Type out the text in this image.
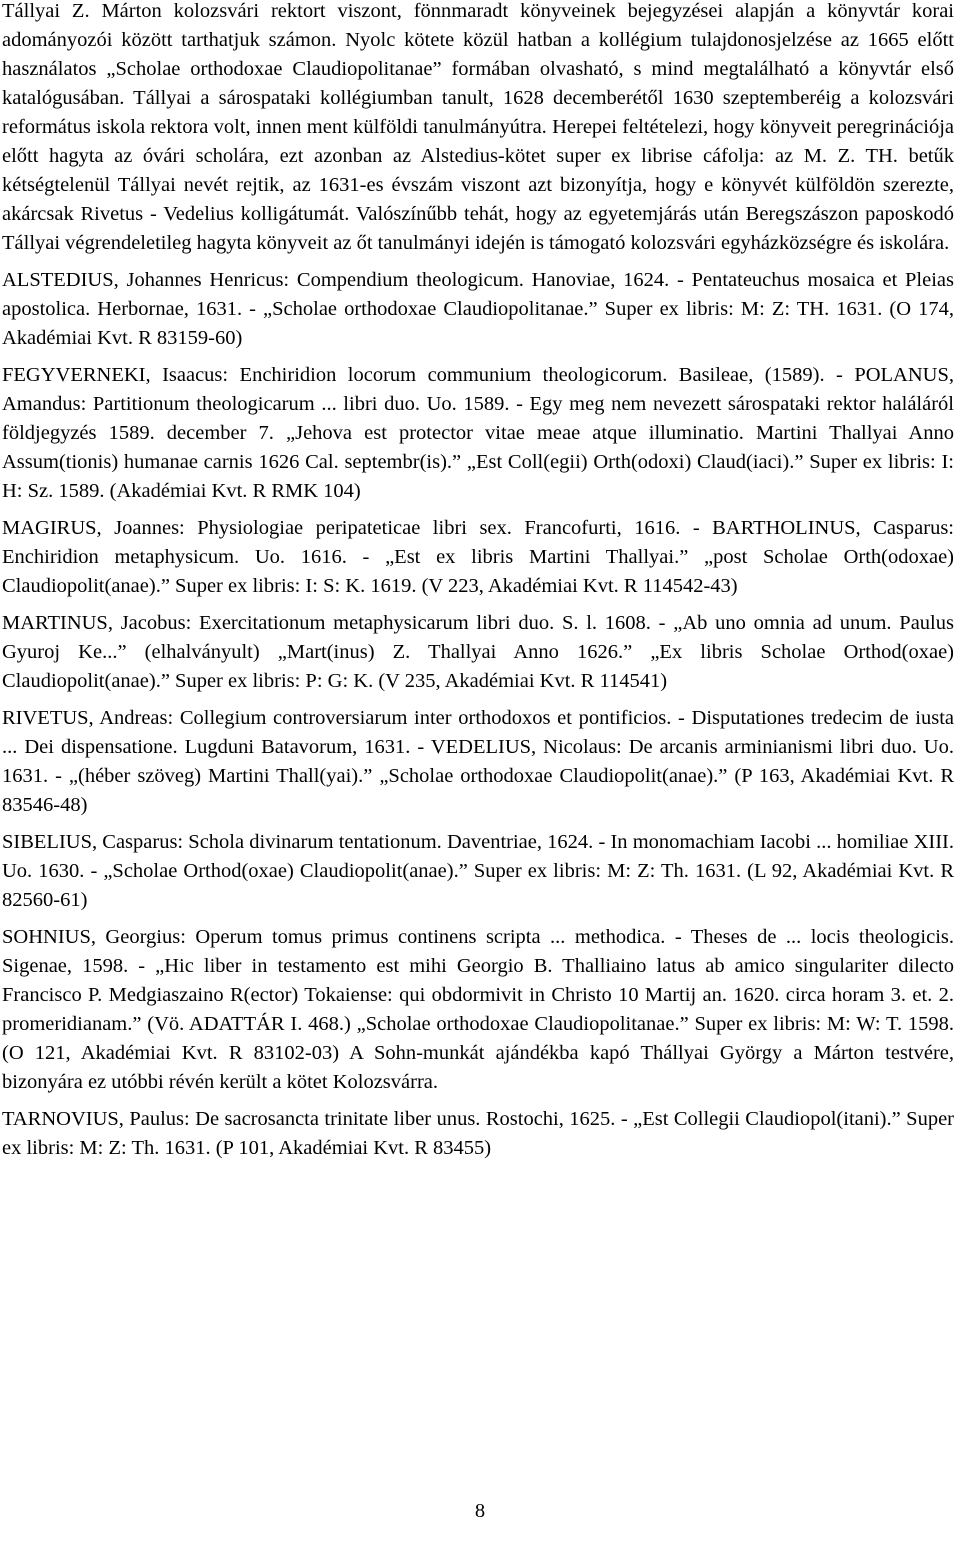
Tállyai Z. Márton kolozsvári rektort viszont, fönnmaradt könyveinek bejegyzései alapján a könyvtár korai adományozói között tarthatjuk számon. Nyolc kötete közül hatban a kollégium tulajdonosjelzése az 1665 előtt használatos „Scholae orthodoxae Claudiopolitanae” formában olvasható, s mind megtalálható a könyvtár első katalógusában. Tállyai a sárospataki kollégiumban tanult, 1628 decemberétől 1630 szeptemberéig a kolozsvári református iskola rektora volt, innen ment külföldi tanulmányútra. Herepei feltételezi, hogy könyveit peregrinációja előtt hagyta az óvári scholára, ezt azonban az Alstedius-kötet super ex librise cáfolja: az M. Z. TH. betűk kétségtelenül Tállyai nevét rejtik, az 1631-es évszám viszont azt bizonyítja, hogy e könyvét külföldön szerezte, akárcsak Rivetus - Vedelius kolligátumát. Valószínűbb tehát, hogy az egyetemjárás után Beregszászon paposkodó Tállyai végrendeletileg hagyta könyveit az őt tanulmányi idején is támogató kolozsvári egyházközségre és iskolára.

ALSTEDIUS, Johannes Henricus: Compendium theologicum. Hanoviae, 1624. - Pentateuchus mosaica et Pleias apostolica. Herbornae, 1631. - „Scholae orthodoxae Claudiopolitanae.” Super ex libris: M: Z: TH. 1631. (O 174, Akadémiai Kvt. R 83159-60)

FEGYVERNEKI, Isaacus: Enchiridion locorum communium theologicorum. Basileae, (1589). - POLANUS, Amandus: Partitionum theologicarum ... libri duo. Uo. 1589. - Egy meg nem nevezett sárospataki rektor haláláról földjegyzés 1589. december 7. „Jehova est protector vitae meae atque illuminatio. Martini Thallyai Anno Assum(tionis) humanae carnis 1626 Cal. septembr(is).” „Est Coll(egii) Orth(odoxi) Claud(iaci).” Super ex libris: I: H: Sz. 1589. (Akadémiai Kvt. R RMK 104)

MAGIRUS, Joannes: Physiologiae peripateticae libri sex. Francofurti, 1616. - BARTHOLINUS, Casparus: Enchiridion metaphysicum. Uo. 1616. - „Est ex libris Martini Thallyai.” „post Scholae Orth(odoxae) Claudiopolit(anae).” Super ex libris: I: S: K. 1619. (V 223, Akadémiai Kvt. R 114542-43)

MARTINUS, Jacobus: Exercitationum metaphysicarum libri duo. S. l. 1608. - „Ab uno omnia ad unum. Paulus Gyuroj Ke...” (elhalványult) „Mart(inus) Z. Thallyai Anno 1626.” „Ex libris Scholae Orthod(oxae) Claudiopolit(anae).” Super ex libris: P: G: K. (V 235, Akadémiai Kvt. R 114541)

RIVETUS, Andreas: Collegium controversiarum inter orthodoxos et pontificios. - Disputationes tredecim de iusta ... Dei dispensatione. Lugduni Batavorum, 1631. - VEDELIUS, Nicolaus: De arcanis arminianismi libri duo. Uo. 1631. - „(héber szöveg) Martini Thall(yai).” „Scholae orthodoxae Claudiopolit(anae).” (P 163, Akadémiai Kvt. R 83546-48)

SIBELIUS, Casparus: Schola divinarum tentationum. Daventriae, 1624. - In monomachiam Iacobi ... homiliae XIII. Uo. 1630. - „Scholae Orthod(oxae) Claudiopolit(anae).” Super ex libris: M: Z: Th. 1631. (L 92, Akadémiai Kvt. R 82560-61)

SOHNIUS, Georgius: Operum tomus primus continens scripta ... methodica. - Theses de ... locis theologicis. Sigenae, 1598. - „Hic liber in testamento est mihi Georgio B. Thalliaino latus ab amico singulariter dilecto Francisco P. Medgiaszaino R(ector) Tokaiense: qui obdormivit in Christo 10 Martij an. 1620. circa horam 3. et. 2. promeridianam.” (Vö. ADATTÁR I. 468.) „Scholae orthodoxae Claudiopolitanae.” Super ex libris: M: W: T. 1598. (O 121, Akadémiai Kvt. R 83102-03) A Sohn-munkát ajándékba kapó Thállyai György a Márton testvére, bizonyára ez utóbbi révén került a kötet Kolozsvárra.

TARNOVIUS, Paulus: De sacrosancta trinitate liber unus. Rostochi, 1625. - „Est Collegii Claudiopol(itani).” Super ex libris: M: Z: Th. 1631. (P 101, Akadémiai Kvt. R 83455)

8
